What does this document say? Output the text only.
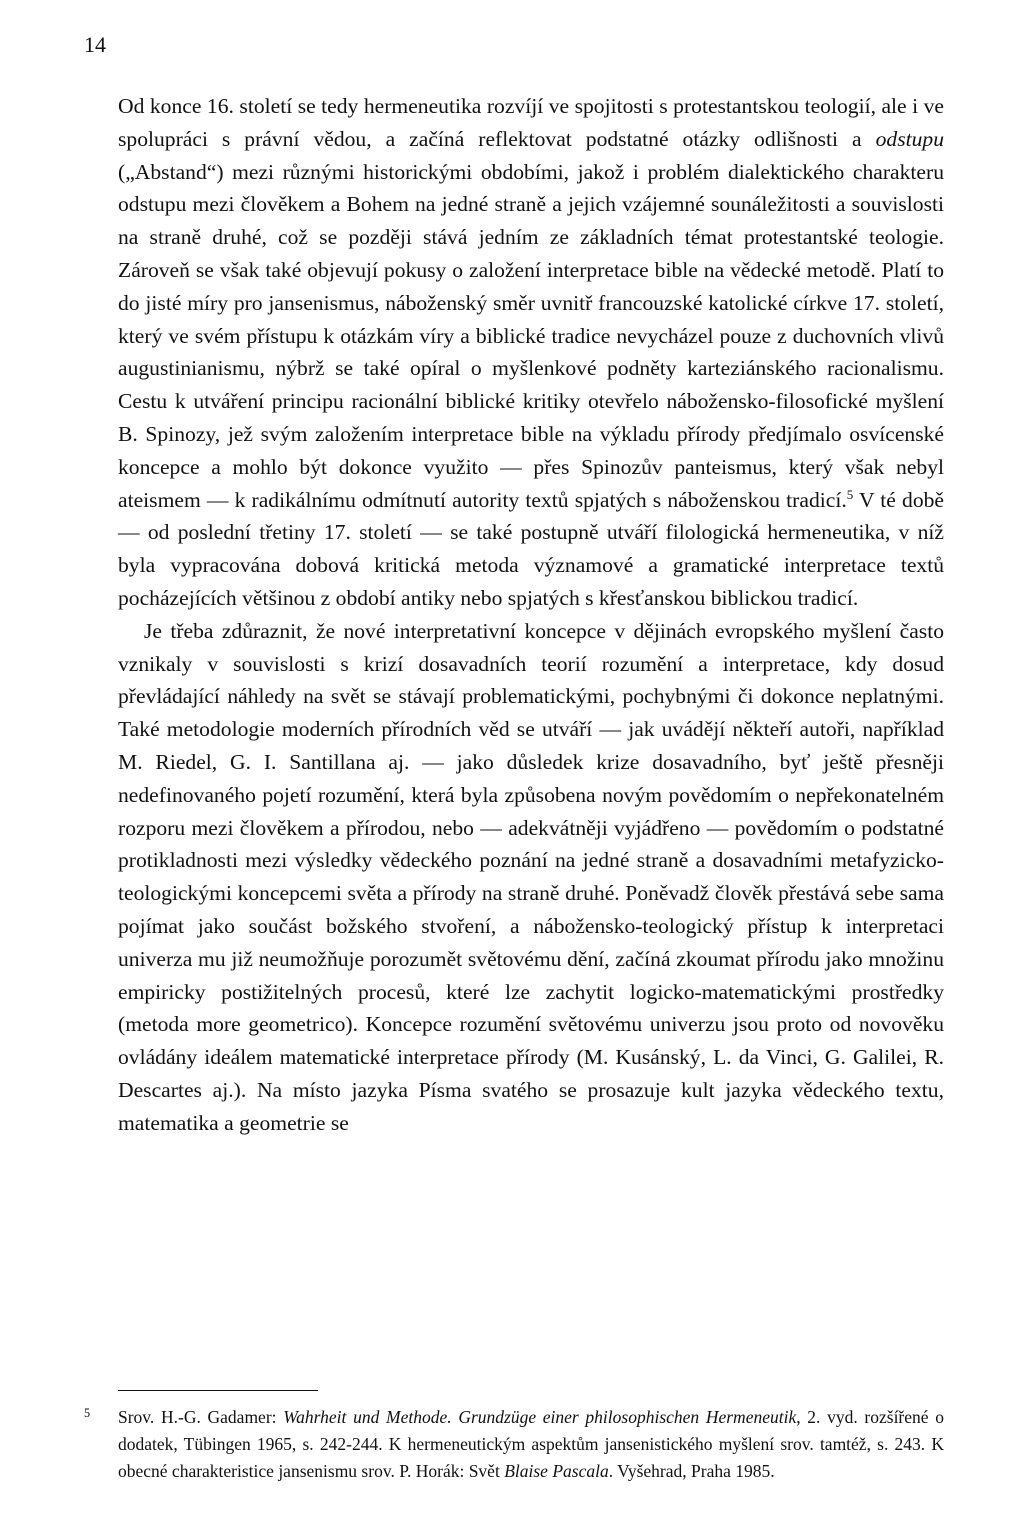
14

Od konce 16. století se tedy hermeneutika rozvíjí ve spojitosti s protestantskou teologií, ale i ve spolupráci s právní vědou, a začíná reflektovat podstatné otázky odlišnosti a odstupu („Abstand“) mezi různými historickými obdobími, jakož i problém dialektického charakteru odstupu mezi člověkem a Bohem na jedné straně a jejich vzájemné sounáležitosti a souvislosti na straně druhé, což se později stává jedním ze základních témat protestantské teologie. Zároveň se však také objevují pokusy o založení interpretace bible na vědecké metodě. Platí to do jisté míry pro jansenismus, náboženský směr uvnitř francouzské katolické církve 17. století, který ve svém přístupu k otázkám víry a biblické tradice nevycházel pouze z duchovních vlivů augustinianismu, nýbrž se také opíral o myšlenkové podněty karteziánského racionalismu. Cestu k utváření principu racionální biblické kritiky otevřelo nábožensko-filosofické myšlení B. Spinozy, jež svým založením interpretace bible na výkladu přírody předjímalo osvícenské koncepce a mohlo být dokonce využito — přes Spinozův panteismus, který však nebyl ateismem — k radikálnímu odmítnutí autority textů spjatých s náboženskou tradicí.$^5$ V té době — od poslední třetiny 17. století — se také postupně utváří filologická hermeneutika, v níž byla vypracována dobová kritická metoda významové a gramatické interpretace textů pocházejících většinou z období antiky nebo spjatých s křesťanskou biblickou tradicí.

Je třeba zdůraznit, že nové interpretativní koncepce v dějinách evropského myšlení často vznikaly v souvislosti s krizí dosavadních teorií rozumění a interpretace, kdy dosud převládající náhledy na svět se stávají problematickými, pochybnými či dokonce neplatnými. Také metodologie moderních přírodních věd se utváří — jak uvádějí někteří autoři, například M. Riedel, G. I. Santillana aj. — jako důsledek krize dosavadního, byť ještě přesněji nedefinovaného pojetí rozumění, která byla způsobena novým povědomím o nepřekonatelném rozporu mezi člověkem a přírodou, nebo — adekvátněji vyjádřeno — povědomím o podstatné protikladnosti mezi výsledky vědeckého poznání na jedné straně a dosavadními metafyzicko-teologickými koncepcemi světa a přírody na straně druhé. Poněvadž člověk přestává sebe sama pojímat jako součást božského stvoření, a nábožensko-teologický přístup k interpretaci univerza mu již neumožňuje porozumět světovému dění, začíná zkoumat přírodu jako množinu empiricky postižitelných procesů, které lze zachytit logicko-matematickými prostředky (metoda more geometrico). Koncepce rozumění světovému univerzu jsou proto od novověku ovládány ideálem matematické interpretace přírody (M. Kusánský, L. da Vinci, G. Galilei, R. Descartes aj.). Na místo jazyka Písma svatého se prosazuje kult jazyka vědeckého textu, matematika a geometrie se

$^5$ Srov. H.-G. Gadamer: Wahrheit und Methode. Grundzüge einer philosophischen Hermeneutik, 2. vyd. rozšířené o dodatek, Tübingen 1965, s. 242-244. K hermeneutickým aspektům jansenistického myšlení srov. tamtéž, s. 243. K obecné charakteristice jansenismu srov. P. Horák: Svět Blaise Pascala. Vyšehrad, Praha 1985.
